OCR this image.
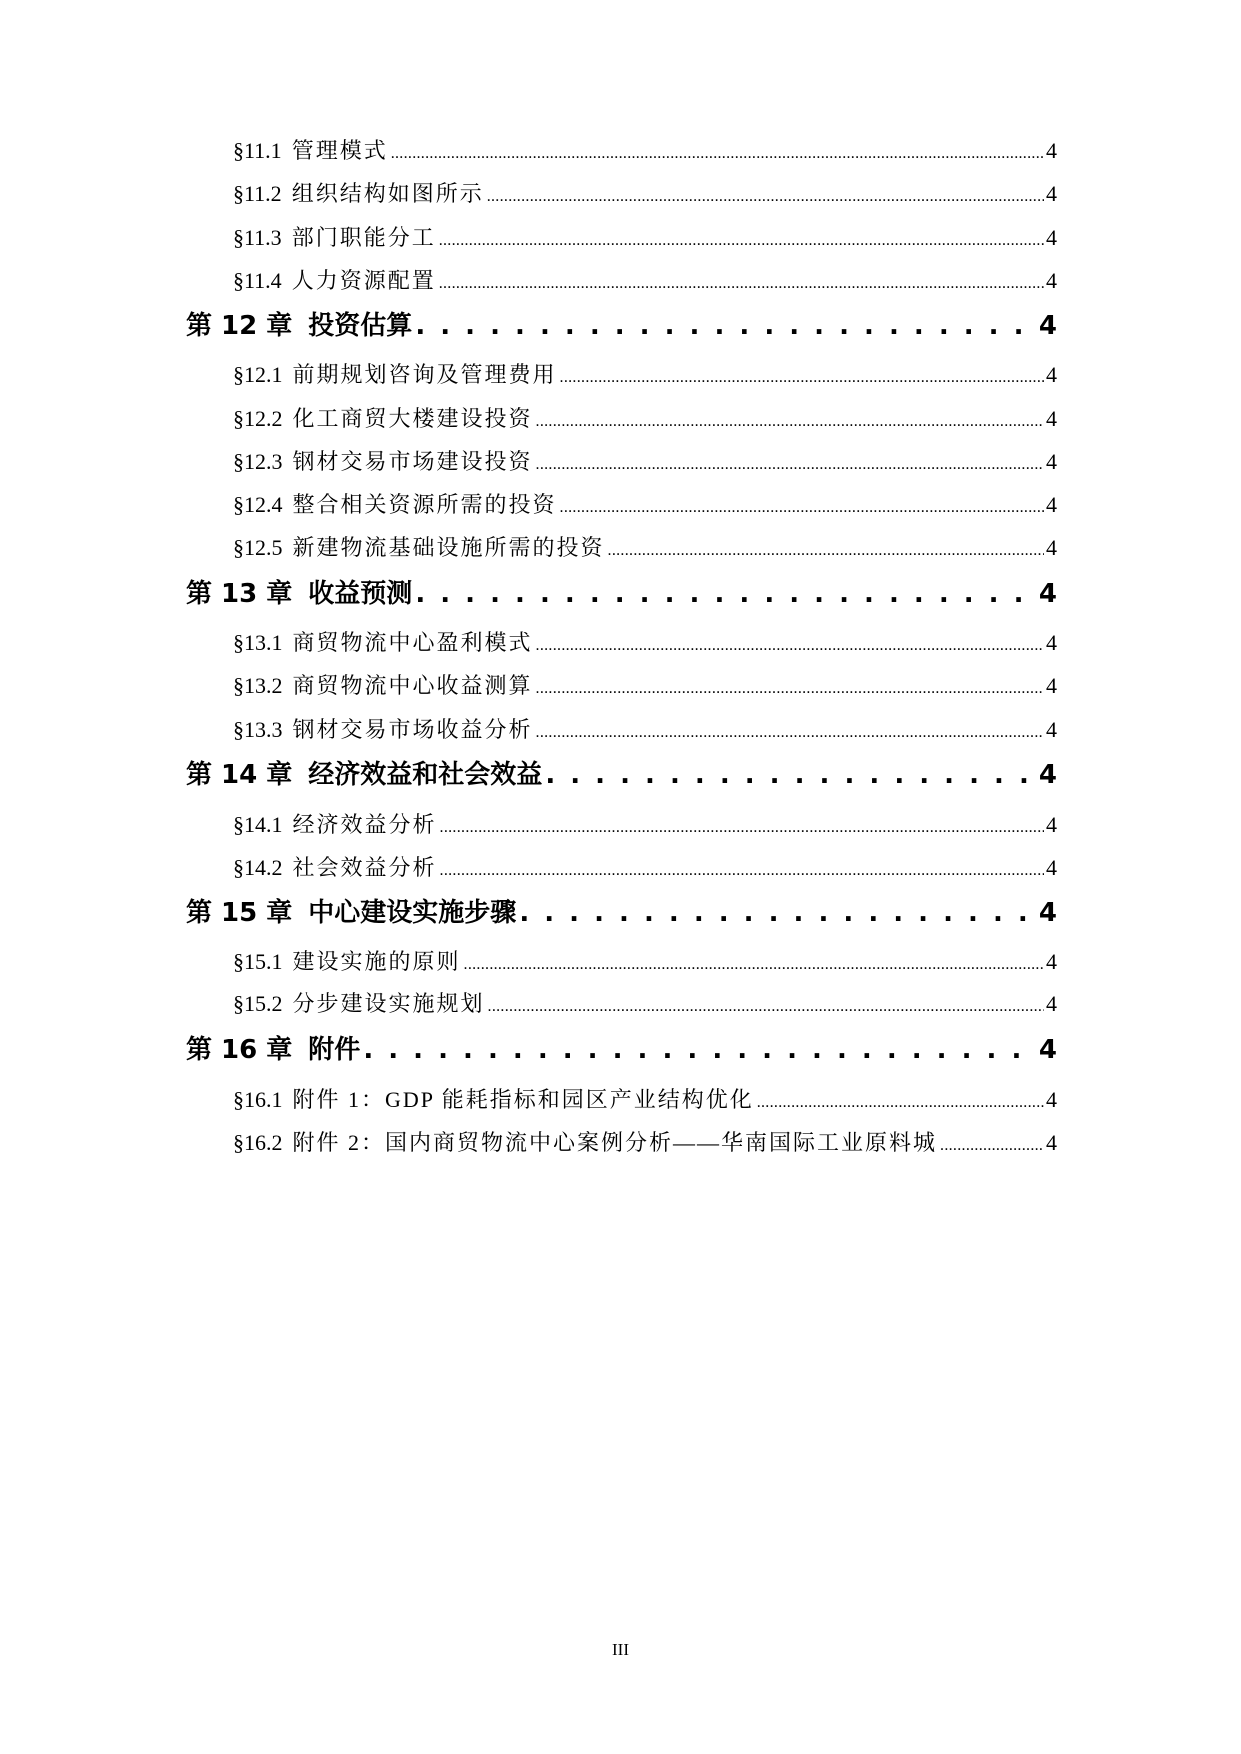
§11.1 管理模式 .....	4
§11.2 组织结构如图所示 .....	4
§11.3 部门职能分工 .....	4
§11.4 人力资源配置 .....	4
第 12 章 投资估算 . . .	4
§12.1 前期规划咨询及管理费用 .....	4
§12.2 化工商贸大楼建设投资 .....	4
§12.3 钢材交易市场建设投资 .....	4
§12.4 整合相关资源所需的投资 .....	4
§12.5 新建物流基础设施所需的投资 .....	4
第 13 章 收益预测 . . .	4
§13.1 商贸物流中心盈利模式 .....	4
§13.2 商贸物流中心收益测算 .....	4
§13.3 钢材交易市场收益分析 .....	4
第 14 章 经济效益和社会效益 . . .	4
§14.1 经济效益分析 .....	4
§14.2 社会效益分析 .....	4
第 15 章 中心建设实施步骤 . . .	4
§15.1 建设实施的原则 .....	4
§15.2 分步建设实施规划 .....	4
第 16 章 附件 . . .	4
§16.1 附件 1：GDP 能耗指标和园区产业结构优化 .....	4
§16.2 附件 2：国内商贸物流中心案例分析——华南国际工业原料城 .....	4
III
